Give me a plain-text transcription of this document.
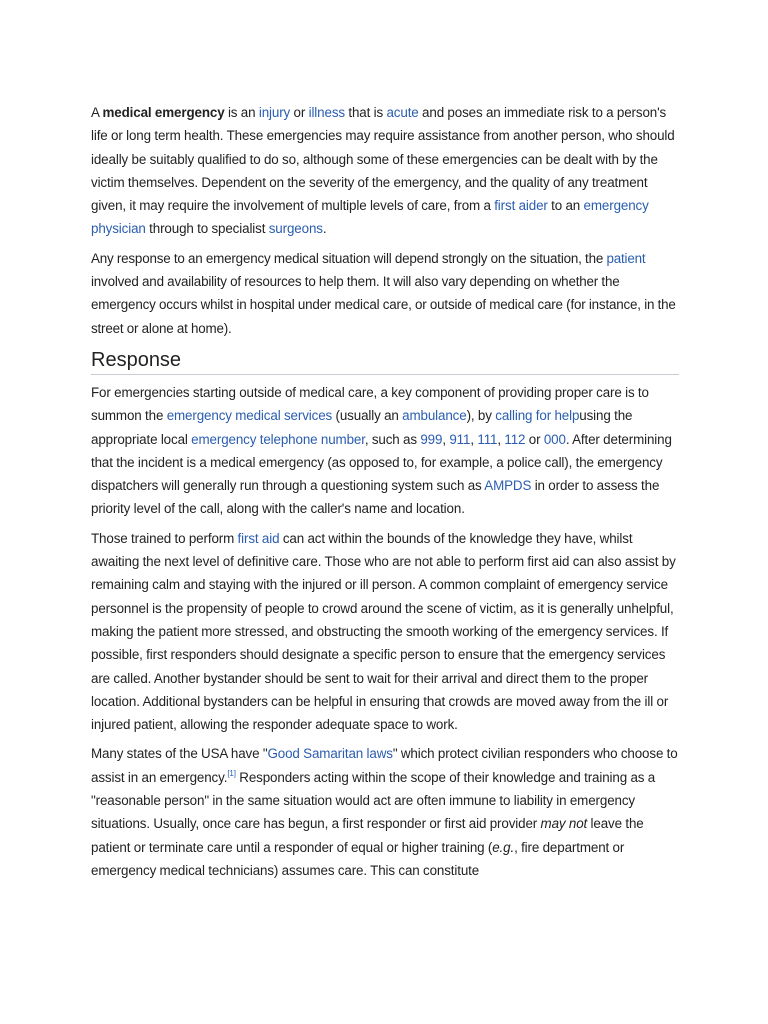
A medical emergency is an injury or illness that is acute and poses an immediate risk to a person's life or long term health. These emergencies may require assistance from another person, who should ideally be suitably qualified to do so, although some of these emergencies can be dealt with by the victim themselves. Dependent on the severity of the emergency, and the quality of any treatment given, it may require the involvement of multiple levels of care, from a first aider to an emergency physician through to specialist surgeons.

Any response to an emergency medical situation will depend strongly on the situation, the patient involved and availability of resources to help them. It will also vary depending on whether the emergency occurs whilst in hospital under medical care, or outside of medical care (for instance, in the street or alone at home).

Response

For emergencies starting outside of medical care, a key component of providing proper care is to summon the emergency medical services (usually an ambulance), by calling for helpusing the appropriate local emergency telephone number, such as 999, 911, 111, 112 or 000. After determining that the incident is a medical emergency (as opposed to, for example, a police call), the emergency dispatchers will generally run through a questioning system such as AMPDS in order to assess the priority level of the call, along with the caller's name and location.

Those trained to perform first aid can act within the bounds of the knowledge they have, whilst awaiting the next level of definitive care. Those who are not able to perform first aid can also assist by remaining calm and staying with the injured or ill person. A common complaint of emergency service personnel is the propensity of people to crowd around the scene of victim, as it is generally unhelpful, making the patient more stressed, and obstructing the smooth working of the emergency services. If possible, first responders should designate a specific person to ensure that the emergency services are called. Another bystander should be sent to wait for their arrival and direct them to the proper location. Additional bystanders can be helpful in ensuring that crowds are moved away from the ill or injured patient, allowing the responder adequate space to work.

Many states of the USA have "Good Samaritan laws" which protect civilian responders who choose to assist in an emergency.[1] Responders acting within the scope of their knowledge and training as a "reasonable person" in the same situation would act are often immune to liability in emergency situations. Usually, once care has begun, a first responder or first aid provider may not leave the patient or terminate care until a responder of equal or higher training (e.g., fire department or emergency medical technicians) assumes care. This can constitute
